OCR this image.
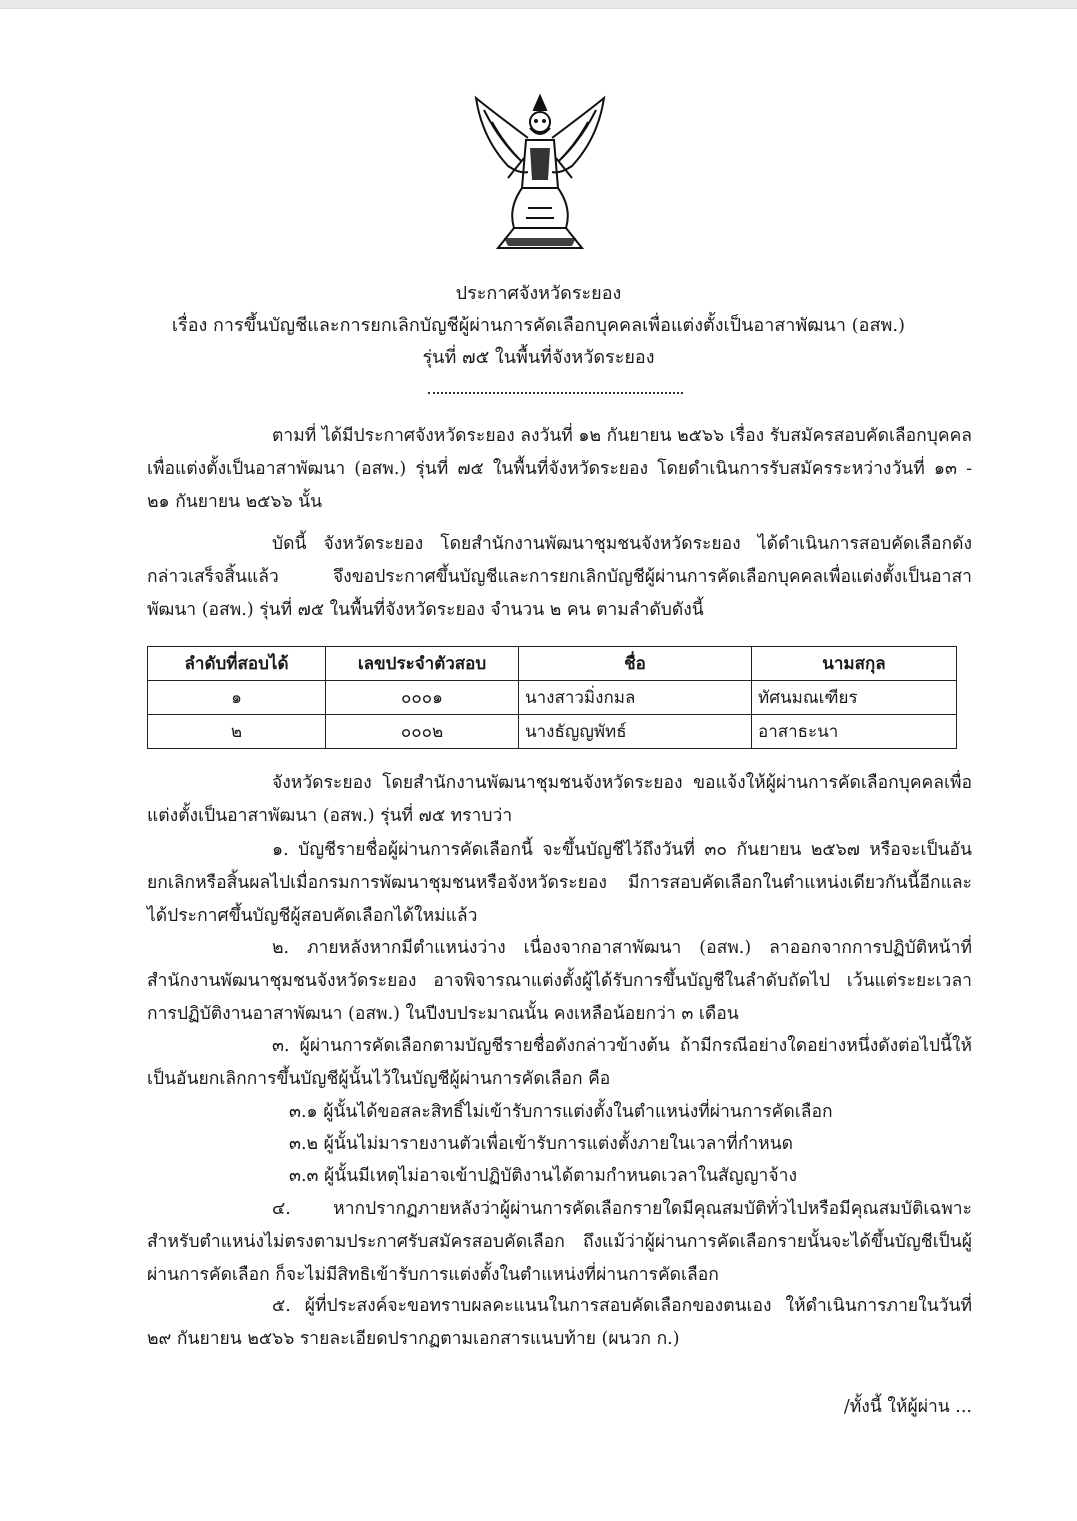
ประกาศจังหวัดระยอง
เรื่อง การขึ้นบัญชีและการยกเลิกบัญชีผู้ผ่านการคัดเลือกบุคคลเพื่อแต่งตั้งเป็นอาสาพัฒนา (อสพ.)
รุ่นที่ ๗๕ ในพื้นที่จังหวัดระยอง
ตามที่ ได้มีประกาศจังหวัดระยอง ลงวันที่ ๑๒ กันยายน ๒๕๖๖ เรื่อง รับสมัครสอบคัดเลือกบุคคล เพื่อแต่งตั้งเป็นอาสาพัฒนา (อสพ.) รุ่นที่ ๗๕ ในพื้นที่จังหวัดระยอง โดยดำเนินการรับสมัครระหว่างวันที่ ๑๓ - ๒๑ กันยายน ๒๕๖๖ นั้น
บัดนี้ จังหวัดระยอง โดยสำนักงานพัฒนาชุมชนจังหวัดระยอง ได้ดำเนินการสอบคัดเลือกดังกล่าวเสร็จสิ้นแล้ว จึงขอประกาศขึ้นบัญชีและการยกเลิกบัญชีผู้ผ่านการคัดเลือกบุคคลเพื่อแต่งตั้งเป็นอาสาพัฒนา (อสพ.) รุ่นที่ ๗๕ ในพื้นที่จังหวัดระยอง จำนวน ๒ คน ตามลำดับดังนี้
ลำดับที่สอบได้	เลขประจำตัวสอบ	ชื่อ	นามสกุล
๑	๐๐๐๑	นางสาวมิ่งกมล	ทัศนมณเฑียร
๒	๐๐๐๒	นางธัญญพัทธ์	อาสาธะนา
จังหวัดระยอง โดยสำนักงานพัฒนาชุมชนจังหวัดระยอง ขอแจ้งให้ผู้ผ่านการคัดเลือกบุคคลเพื่อแต่งตั้งเป็นอาสาพัฒนา (อสพ.) รุ่นที่ ๗๕ ทราบว่า
๑. บัญชีรายชื่อผู้ผ่านการคัดเลือกนี้ จะขึ้นบัญชีไว้ถึงวันที่ ๓๐ กันยายน ๒๕๖๗ หรือจะเป็นอันยกเลิกหรือสิ้นผลไปเมื่อกรมการพัฒนาชุมชนหรือจังหวัดระยอง มีการสอบคัดเลือกในตำแหน่งเดียวกันนี้อีกและได้ประกาศขึ้นบัญชีผู้สอบคัดเลือกได้ใหม่แล้ว
๒. ภายหลังหากมีตำแหน่งว่าง เนื่องจากอาสาพัฒนา (อสพ.) ลาออกจากการปฏิบัติหน้าที่สำนักงานพัฒนาชุมชนจังหวัดระยอง อาจพิจารณาแต่งตั้งผู้ได้รับการขึ้นบัญชีในลำดับถัดไป เว้นแต่ระยะเวลาการปฏิบัติงานอาสาพัฒนา (อสพ.) ในปีงบประมาณนั้น คงเหลือน้อยกว่า ๓ เดือน
๓. ผู้ผ่านการคัดเลือกตามบัญชีรายชื่อดังกล่าวข้างต้น ถ้ามีกรณีอย่างใดอย่างหนึ่งดังต่อไปนี้ให้เป็นอันยกเลิกการขึ้นบัญชีผู้นั้นไว้ในบัญชีผู้ผ่านการคัดเลือก คือ
๓.๑ ผู้นั้นได้ขอสละสิทธิ์ไม่เข้ารับการแต่งตั้งในตำแหน่งที่ผ่านการคัดเลือก
๓.๒ ผู้นั้นไม่มารายงานตัวเพื่อเข้ารับการแต่งตั้งภายในเวลาที่กำหนด
๓.๓ ผู้นั้นมีเหตุไม่อาจเข้าปฏิบัติงานได้ตามกำหนดเวลาในสัญญาจ้าง
๔. หากปรากฏภายหลังว่าผู้ผ่านการคัดเลือกรายใดมีคุณสมบัติทั่วไปหรือมีคุณสมบัติเฉพาะสำหรับตำแหน่งไม่ตรงตามประกาศรับสมัครสอบคัดเลือก ถึงแม้ว่าผู้ผ่านการคัดเลือกรายนั้นจะได้ขึ้นบัญชีเป็นผู้ผ่านการคัดเลือก ก็จะไม่มีสิทธิเข้ารับการแต่งตั้งในตำแหน่งที่ผ่านการคัดเลือก
๕. ผู้ที่ประสงค์จะขอทราบผลคะแนนในการสอบคัดเลือกของตนเอง ให้ดำเนินการภายในวันที่ ๒๙ กันยายน ๒๕๖๖ รายละเอียดปรากฏตามเอกสารแนบท้าย (ผนวก ก.)
/ทั้งนี้ ให้ผู้ผ่าน ...
